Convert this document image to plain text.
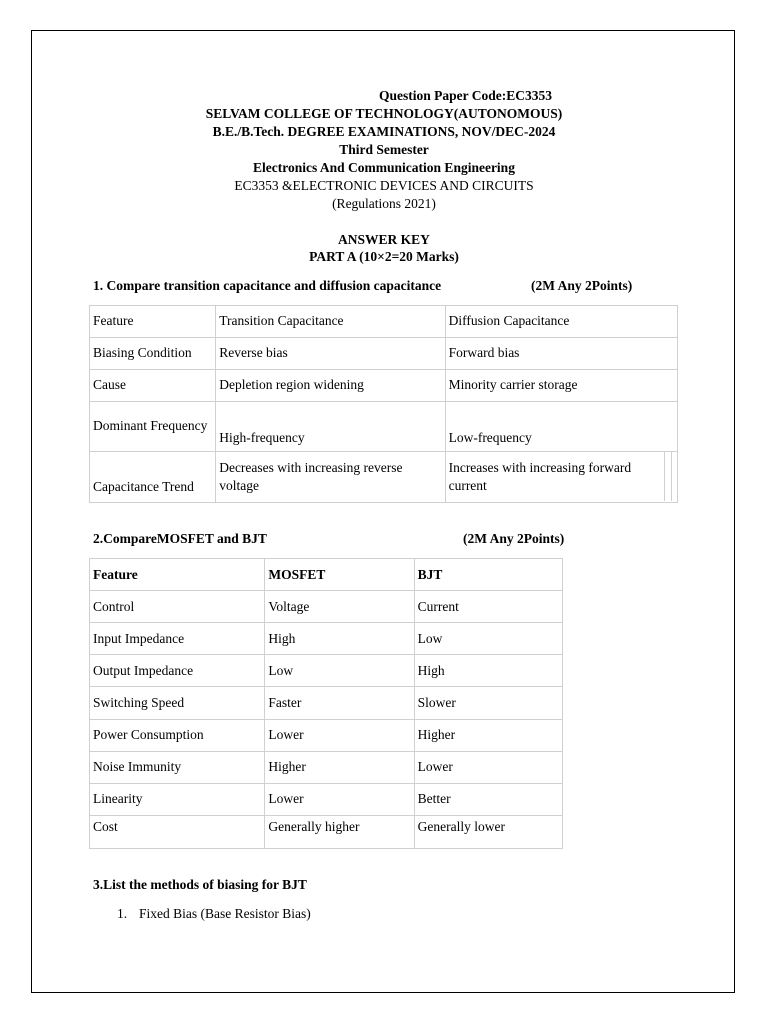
Question Paper Code:EC3353
SELVAM COLLEGE OF TECHNOLOGY(AUTONOMOUS)
B.E./B.Tech. DEGREE EXAMINATIONS, NOV/DEC-2024
Third Semester
Electronics And Communication Engineering
EC3353 &ELECTRONIC DEVICES AND CIRCUITS
(Regulations 2021)
ANSWER KEY
PART A (10×2=20 Marks)
1. Compare transition capacitance and diffusion capacitance	(2M Any 2Points)
Feature	Transition Capacitance	Diffusion Capacitance
Biasing Condition	Reverse bias	Forward bias
Cause	Depletion region widening	Minority carrier storage
Dominant Frequency	High-frequency	Low-frequency
Capacitance Trend	Decreases with increasing reverse voltage	Increases with increasing forward current
2.CompareMOSFET and BJT	(2M Any 2Points)
Feature	MOSFET	BJT
Control	Voltage	Current
Input Impedance	High	Low
Output Impedance	Low	High
Switching Speed	Faster	Slower
Power Consumption	Lower	Higher
Noise Immunity	Higher	Lower
Linearity	Lower	Better
Cost	Generally higher	Generally lower
3.List the methods of biasing for BJT
1. Fixed Bias (Base Resistor Bias)
